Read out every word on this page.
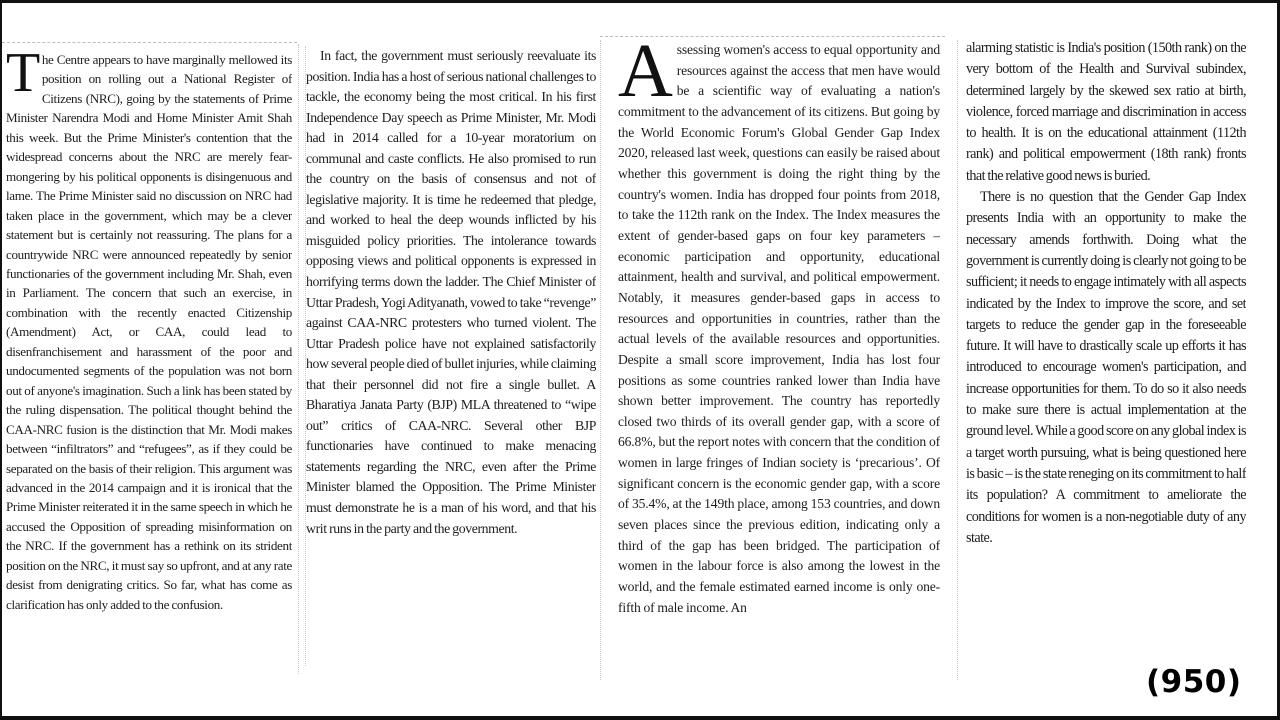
The Centre appears to have marginally mellowed its position on rolling out a National Register of Citizens (NRC), going by the statements of Prime Minister Narendra Modi and Home Minister Amit Shah this week. But the Prime Minister's contention that the widespread concerns about the NRC are merely fear-mongering by his political opponents is disingenuous and lame. The Prime Minister said no discussion on NRC had taken place in the government, which may be a clever statement but is certainly not reassuring. The plans for a countrywide NRC were announced repeatedly by senior functionaries of the government including Mr. Shah, even in Parliament. The concern that such an exercise, in combination with the recently enacted Citizenship (Amendment) Act, or CAA, could lead to disenfranchisement and harassment of the poor and undocumented segments of the population was not born out of anyone's imagination. Such a link has been stated by the ruling dispensation. The political thought behind the CAA-NRC fusion is the distinction that Mr. Modi makes between “infiltrators” and “refugees”, as if they could be separated on the basis of their religion. This argument was advanced in the 2014 campaign and it is ironical that the Prime Minister reiterated it in the same speech in which he accused the Opposition of spreading misinformation on the NRC. If the government has a rethink on its strident position on the NRC, it must say so upfront, and at any rate desist from denigrating critics. So far, what has come as clarification has only added to the confusion.

In fact, the government must seriously reevaluate its position. India has a host of serious national challenges to tackle, the economy being the most critical. In his first Independence Day speech as Prime Minister, Mr. Modi had in 2014 called for a 10-year moratorium on communal and caste conflicts. He also promised to run the country on the basis of consensus and not of legislative majority. It is time he redeemed that pledge, and worked to heal the deep wounds inflicted by his misguided policy priorities. The intolerance towards opposing views and political opponents is expressed in horrifying terms down the ladder. The Chief Minister of Uttar Pradesh, Yogi Adityanath, vowed to take “revenge” against CAA-NRC protesters who turned violent. The Uttar Pradesh police have not explained satisfactorily how several people died of bullet injuries, while claiming that their personnel did not fire a single bullet. A Bharatiya Janata Party (BJP) MLA threatened to “wipe out” critics of CAA-NRC. Several other BJP functionaries have continued to make menacing statements regarding the NRC, even after the Prime Minister blamed the Opposition. The Prime Minister must demonstrate he is a man of his word, and that his writ runs in the party and the government.

Assessing women's access to equal opportunity and resources against the access that men have would be a scientific way of evaluating a nation's commitment to the advancement of its citizens. But going by the World Economic Forum's Global Gender Gap Index 2020, released last week, questions can easily be raised about whether this government is doing the right thing by the country's women. India has dropped four points from 2018, to take the 112th rank on the Index. The Index measures the extent of gender-based gaps on four key parameters – economic participation and opportunity, educational attainment, health and survival, and political empowerment. Notably, it measures gender-based gaps in access to resources and opportunities in countries, rather than the actual levels of the available resources and opportunities. Despite a small score improvement, India has lost four positions as some countries ranked lower than India have shown better improvement. The country has reportedly closed two thirds of its overall gender gap, with a score of 66.8%, but the report notes with concern that the condition of women in large fringes of Indian society is ‘precarious’. Of significant concern is the economic gender gap, with a score of 35.4%, at the 149th place, among 153 countries, and down seven places since the previous edition, indicating only a third of the gap has been bridged. The participation of women in the labour force is also among the lowest in the world, and the female estimated earned income is only one-fifth of male income. An

alarming statistic is India's position (150th rank) on the very bottom of the Health and Survival subindex, determined largely by the skewed sex ratio at birth, violence, forced marriage and discrimination in access to health. It is on the educational attainment (112th rank) and political empowerment (18th rank) fronts that the relative good news is buried.

There is no question that the Gender Gap Index presents India with an opportunity to make the necessary amends forthwith. Doing what the government is currently doing is clearly not going to be sufficient; it needs to engage intimately with all aspects indicated by the Index to improve the score, and set targets to reduce the gender gap in the foreseeable future. It will have to drastically scale up efforts it has introduced to encourage women's participation, and increase opportunities for them. To do so it also needs to make sure there is actual implementation at the ground level. While a good score on any global index is a target worth pursuing, what is being questioned here is basic – is the state reneging on its commitment to half its population? A commitment to ameliorate the conditions for women is a non-negotiable duty of any state.

(950)
